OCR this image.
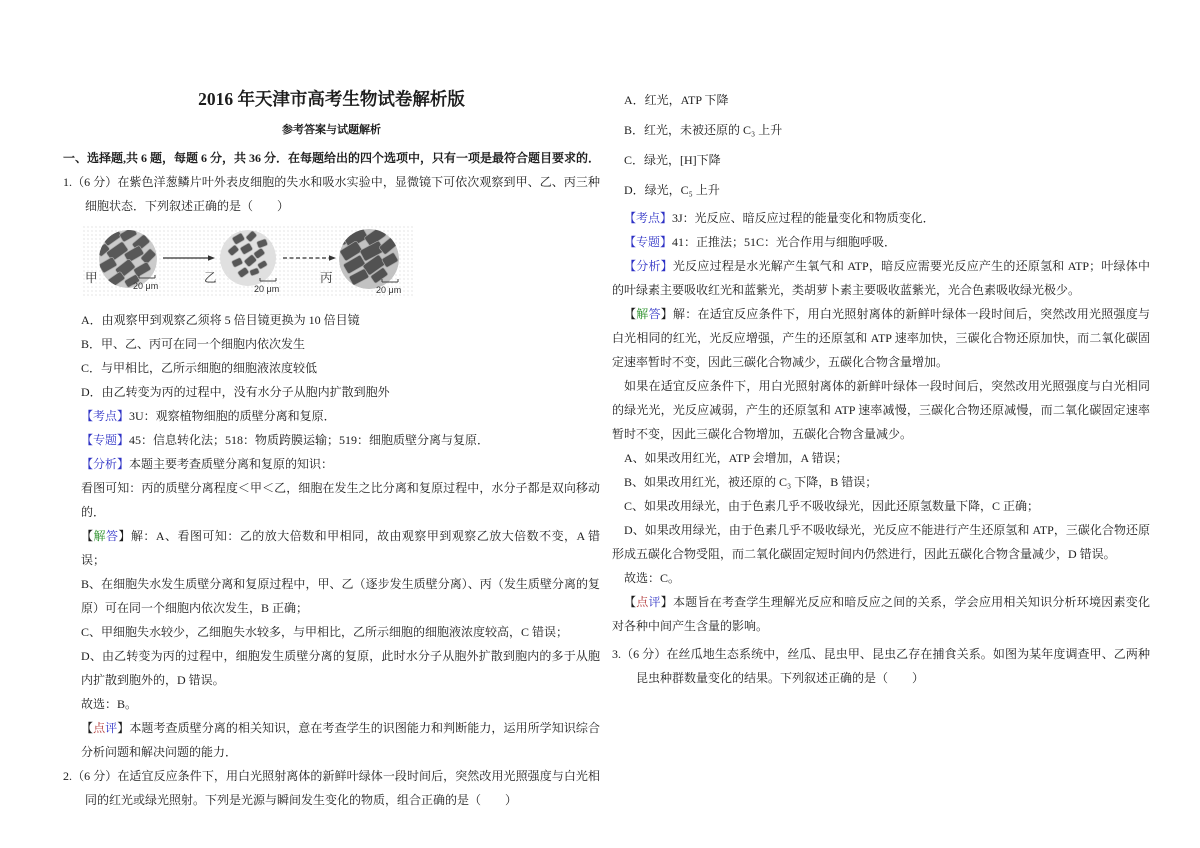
2016 年天津市高考生物试卷解析版
参考答案与试题解析

一、选择题,共 6 题，每题 6 分，共 36 分．在每题给出的四个选项中，只有一项是最符合题目要求的．

1.（6 分）在紫色洋葱鳞片叶外表皮细胞的失水和吸水实验中，显微镜下可依次观察到甲、乙、丙三种细胞状态．下列叙述正确的是（　　）

甲	乙	丙
20 μm	20 μm	20 μm

A．由观察甲到观察乙须将 5 倍目镜更换为 10 倍目镜

B．甲、乙、丙可在同一个细胞内依次发生

C．与甲相比，乙所示细胞的细胞液浓度较低

D．由乙转变为丙的过程中，没有水分子从胞内扩散到胞外

【考点】3U：观察植物细胞的质壁分离和复原．

【专题】45：信息转化法；518：物质跨膜运输；519：细胞质壁分离与复原．

【分析】本题主要考查质壁分离和复原的知识：

看图可知：丙的质壁分离程度＜甲＜乙，细胞在发生之比分离和复原过程中，水分子都是双向移动的．

【解答】解：A、看图可知：乙的放大倍数和甲相同，故由观察甲到观察乙放大倍数不变，A 错误；

B、在细胞失水发生质壁分离和复原过程中，甲、乙（逐步发生质壁分离）、丙（发生质壁分离的复原）可在同一个细胞内依次发生，B 正确；

C、甲细胞失水较少，乙细胞失水较多，与甲相比，乙所示细胞的细胞液浓度较高，C 错误；

D、由乙转变为丙的过程中，细胞发生质壁分离的复原，此时水分子从胞外扩散到胞内的多于从胞内扩散到胞外的，D 错误。

故选：B。

【点评】本题考查质壁分离的相关知识，意在考查学生的识图能力和判断能力，运用所学知识综合分析问题和解决问题的能力．

2.（6 分）在适宜反应条件下，用白光照射离体的新鲜叶绿体一段时间后，突然改用光照强度与白光相同的红光或绿光照射。下列是光源与瞬间发生变化的物质，组合正确的是（　　）

A．红光，ATP 下降

B．红光，未被还原的 C₃ 上升

C．绿光，[H]下降

D．绿光，C₅ 上升

【考点】3J：光反应、暗反应过程的能量变化和物质变化．

【专题】41：正推法；51C：光合作用与细胞呼吸．

【分析】光反应过程是水光解产生氧气和 ATP，暗反应需要光反应产生的还原氢和 ATP；叶绿体中的叶绿素主要吸收红光和蓝紫光，类胡萝卜素主要吸收蓝紫光，光合色素吸收绿光极少。

【解答】解：在适宜反应条件下，用白光照射离体的新鲜叶绿体一段时间后，突然改用光照强度与白光相同的红光，光反应增强，产生的还原氢和 ATP 速率加快，三碳化合物还原加快，而二氧化碳固定速率暂时不变，因此三碳化合物减少，五碳化合物含量增加。

如果在适宜反应条件下，用白光照射离体的新鲜叶绿体一段时间后，突然改用光照强度与白光相同的绿光光，光反应减弱，产生的还原氢和 ATP 速率减慢，三碳化合物还原减慢，而二氧化碳固定速率暂时不变，因此三碳化合物增加，五碳化合物含量减少。

A、如果改用红光，ATP 会增加，A 错误；

B、如果改用红光，被还原的 C₃ 下降，B 错误；

C、如果改用绿光，由于色素几乎不吸收绿光，因此还原氢数量下降，C 正确；

D、如果改用绿光，由于色素几乎不吸收绿光，光反应不能进行产生还原氢和 ATP，三碳化合物还原形成五碳化合物受阻，而二氧化碳固定短时间内仍然进行，因此五碳化合物含量减少，D 错误。

故选：C。

【点评】本题旨在考查学生理解光反应和暗反应之间的关系，学会应用相关知识分析环境因素变化对各种中间产生含量的影响。

3.（6 分）在丝瓜地生态系统中，丝瓜、昆虫甲、昆虫乙存在捕食关系。如图为某年度调查甲、乙两种昆虫种群数量变化的结果。下列叙述正确的是（　　）
